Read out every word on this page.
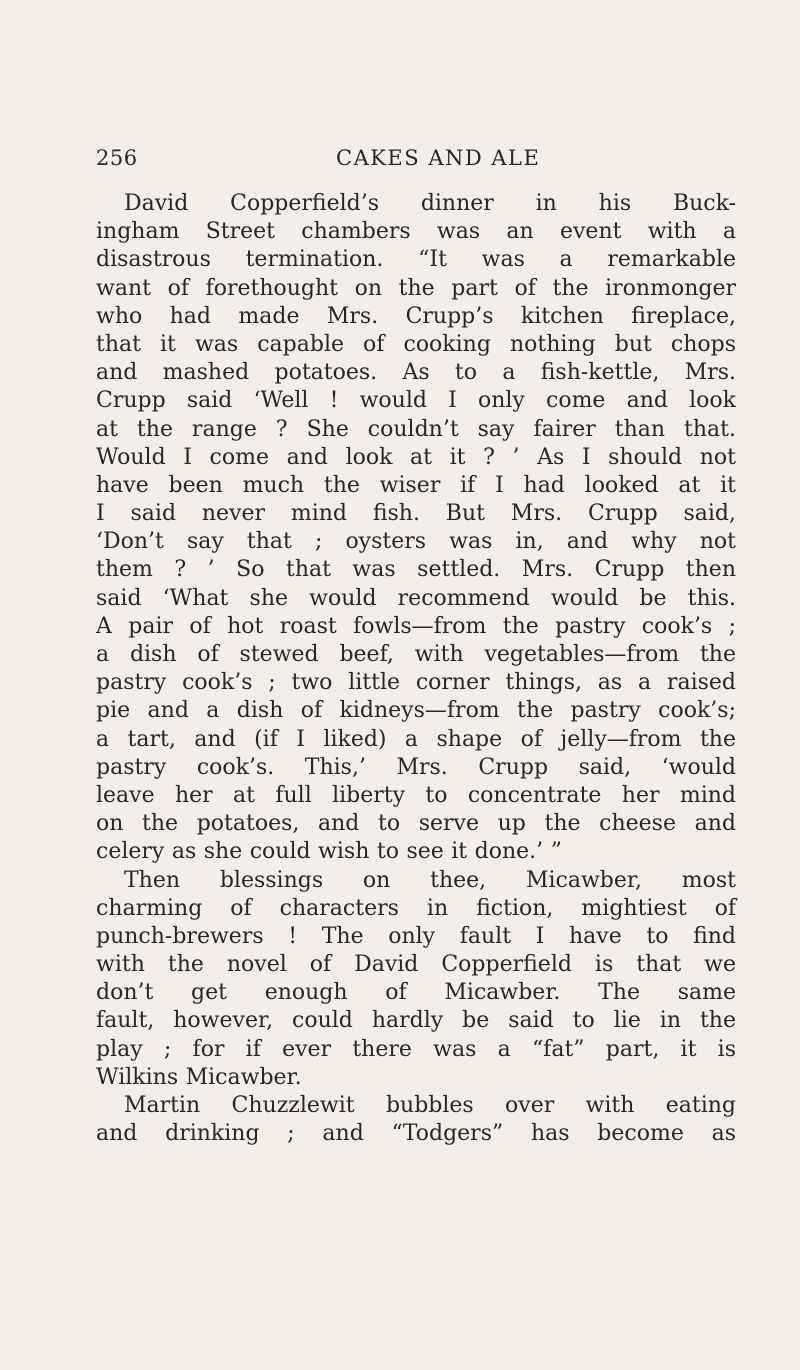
256	CAKES AND ALE
David Copperfield’s dinner in his Buck-
ingham Street chambers was an event with a
disastrous termination. “It was a remarkable
want of forethought on the part of the ironmonger
who had made Mrs. Crupp’s kitchen fireplace,
that it was capable of cooking nothing but chops
and mashed potatoes. As to a fish-kettle, Mrs.
Crupp said ‘Well ! would I only come and look
at the range ? She couldn’t say fairer than that.
Would I come and look at it ? ’ As I should not
have been much the wiser if I had looked at it
I said never mind fish. But Mrs. Crupp said,
‘Don’t say that ; oysters was in, and why not
them ? ’ So that was settled. Mrs. Crupp then
said ‘What she would recommend would be this.
A pair of hot roast fowls—from the pastry cook’s ;
a dish of stewed beef, with vegetables—from the
pastry cook’s ; two little corner things, as a raised
pie and a dish of kidneys—from the pastry cook’s;
a tart, and (if I liked) a shape of jelly—from the
pastry cook’s. This,’ Mrs. Crupp said, ‘would
leave her at full liberty to concentrate her mind
on the potatoes, and to serve up the cheese and
celery as she could wish to see it done.’ ”
Then blessings on thee, Micawber, most
charming of characters in fiction, mightiest of
punch-brewers ! The only fault I have to find
with the novel of David Copperfield is that we
don’t get enough of Micawber. The same
fault, however, could hardly be said to lie in the
play ; for if ever there was a “fat” part, it is
Wilkins Micawber.
Martin Chuzzlewit bubbles over with eating
and drinking ; and “Todgers” has become as
